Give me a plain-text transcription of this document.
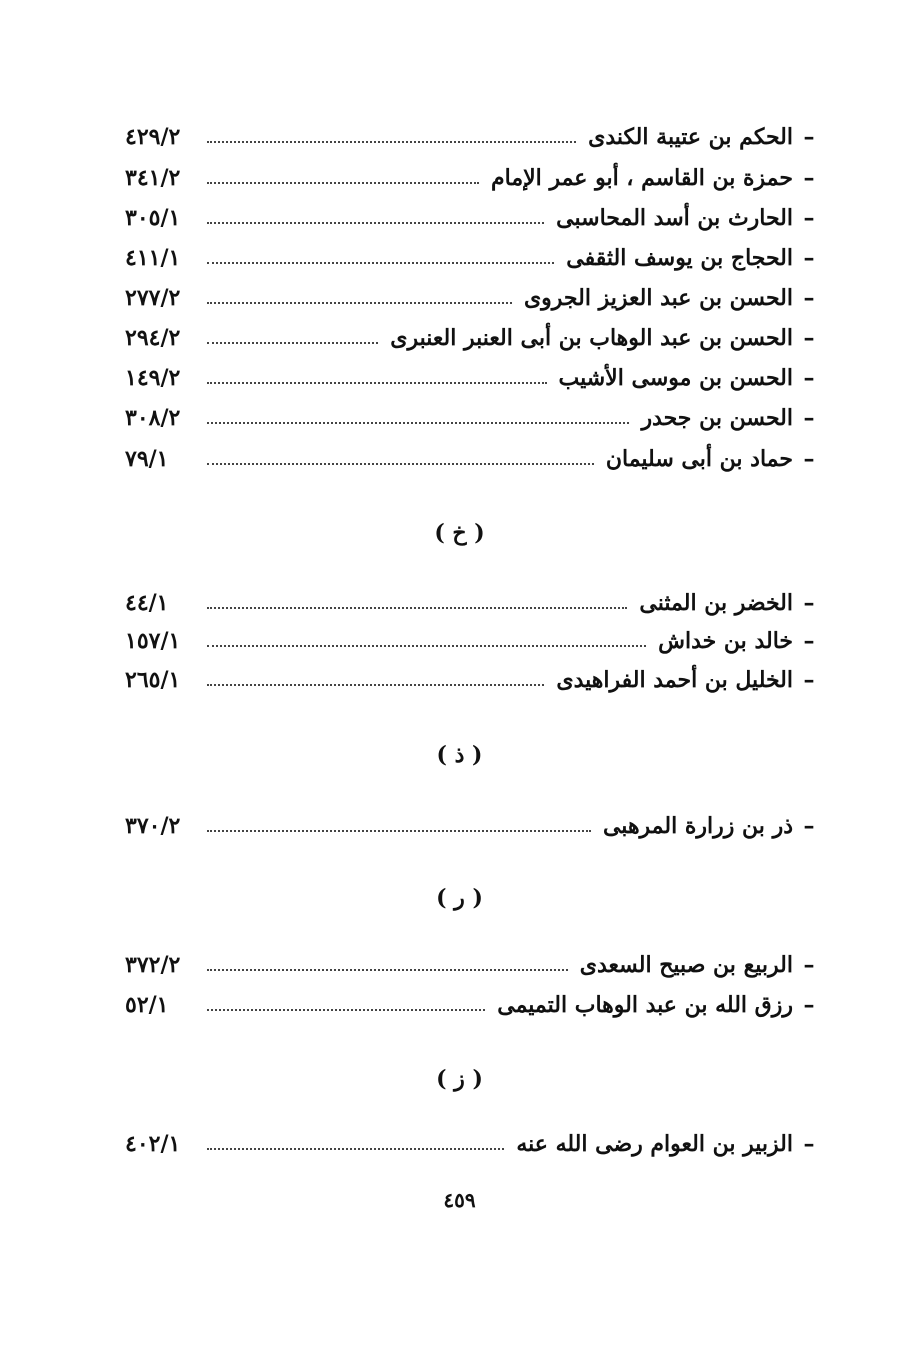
–
الحكم بن عتيبة الكندى
٤٢٩/٢
–
حمزة بن القاسم ، أبو عمر الإمام
٣٤١/٢
–
الحارث بن أسد المحاسبى
٣٠٥/١
–
الحجاج بن يوسف الثقفى
٤١١/١
–
الحسن بن عبد العزيز الجروى
٢٧٧/٢
–
الحسن بن عبد الوهاب بن أبى العنبر العنبرى
٢٩٤/٢
–
الحسن بن موسى الأشيب
١٤٩/٢
–
الحسن بن جحدر
٣٠٨/٢
–
حماد بن أبى سليمان
٧٩/١
( خ )
–
الخضر بن المثنى
٤٤/١
–
خالد بن خداش
١٥٧/١
–
الخليل بن أحمد الفراهيدى
٢٦٥/١
( ذ )
–
ذر بن زرارة المرهبى
٣٧٠/٢
( ر )
–
الربيع بن صبيح السعدى
٣٧٢/٢
–
رزق الله بن عبد الوهاب التميمى
٥٢/١
( ز )
–
الزبير بن العوام رضى الله عنه
٤٠٢/١
٤٥٩
